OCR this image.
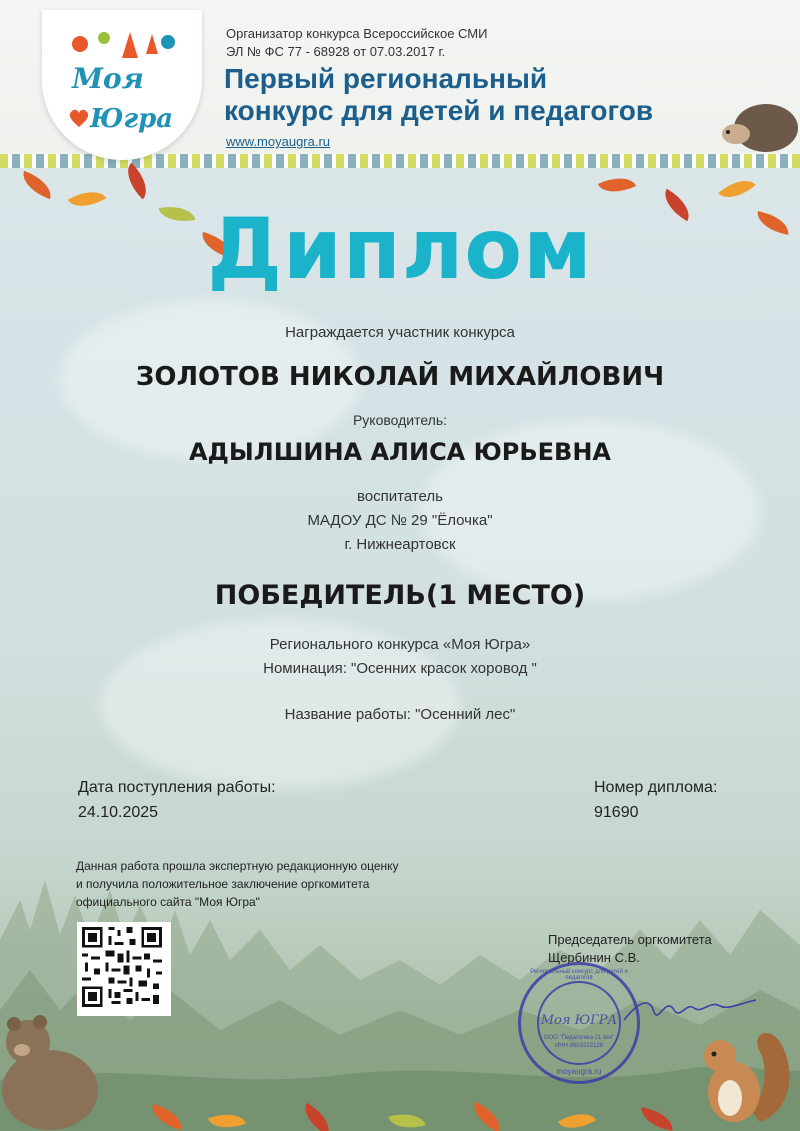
Моя
Югра
Организатор конкурса Всероссийское СМИ
ЭЛ № ФС 77 - 68928 от 07.03.2017 г.
Первый региональный
конкурс для детей и педагогов
www.moyaugra.ru
Диплом
Награждается участник конкурса
ЗОЛОТОВ НИКОЛАЙ МИХАЙЛОВИЧ
Руководитель:
АДЫЛШИНА АЛИСА ЮРЬЕВНА
воспитатель
МАДОУ ДС № 29 "Ёлочка"
г. Нижнеартовск
ПОБЕДИТЕЛЬ(1 МЕСТО)
Регионального конкурса «Моя Югра»
Номинация: "Осенних красок хоровод "
Название работы: "Осенний лес"
Дата поступления работы:
24.10.2025
Номер диплома:
91690
Данная работа прошла экспертную редакционную оценку
и получила положительное заключение оргкомитета
официального сайта "Моя Югра"
Председатель оргкомитета
Щербинин С.В.
Региональный конкурс для детей и педагогов
Моя ЮГРА
ООО "Педагогика 21 век"
ИНН 8603222128
moyaugra.ru
